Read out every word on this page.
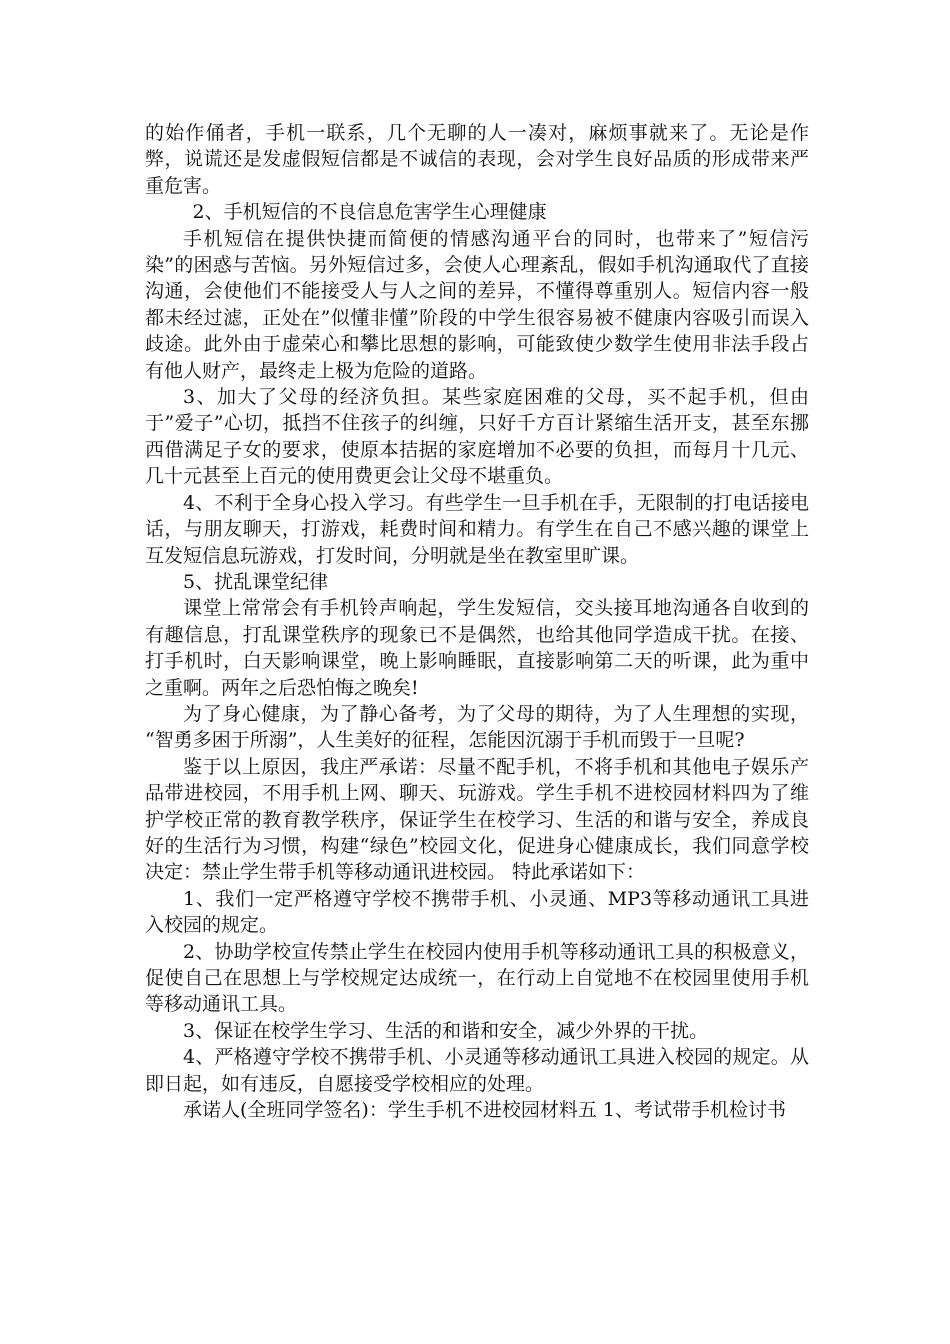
的始作俑者，手机一联系，几个无聊的人一凑对，麻烦事就来了。无论是作弊，说谎还是发虚假短信都是不诚信的表现，会对学生良好品质的形成带来严重危害。

2、手机短信的不良信息危害学生心理健康

手机短信在提供快捷而简便的情感沟通平台的同时，也带来了”短信污染”的困惑与苦恼。另外短信过多，会使人心理紊乱，假如手机沟通取代了直接沟通，会使他们不能接受人与人之间的差异，不懂得尊重别人。短信内容一般都未经过滤，正处在”似懂非懂”阶段的中学生很容易被不健康内容吸引而误入歧途。此外由于虚荣心和攀比思想的影响，可能致使少数学生使用非法手段占有他人财产，最终走上极为危险的道路。

3、加大了父母的经济负担。某些家庭困难的父母，买不起手机，但由于”爱子”心切，抵挡不住孩子的纠缠，只好千方百计紧缩生活开支，甚至东挪西借满足子女的要求，使原本拮据的家庭增加不必要的负担，而每月十几元、几十元甚至上百元的使用费更会让父母不堪重负。

4、不利于全身心投入学习。有些学生一旦手机在手，无限制的打电话接电话，与朋友聊天，打游戏，耗费时间和精力。有学生在自己不感兴趣的课堂上互发短信息玩游戏，打发时间，分明就是坐在教室里旷课。

5、扰乱课堂纪律

课堂上常常会有手机铃声响起，学生发短信，交头接耳地沟通各自收到的有趣信息，打乱课堂秩序的现象已不是偶然，也给其他同学造成干扰。在接、打手机时，白天影响课堂，晚上影响睡眠，直接影响第二天的听课，此为重中之重啊。两年之后恐怕悔之晚矣!

为了身心健康，为了静心备考，为了父母的期待，为了人生理想的实现， “智勇多困于所溺”，人生美好的征程，怎能因沉溺于手机而毁于一旦呢?

鉴于以上原因，我庄严承诺：尽量不配手机，不将手机和其他电子娱乐产品带进校园，不用手机上网、聊天、玩游戏。学生手机不进校园材料四为了维护学校正常的教育教学秩序，保证学生在校学习、生活的和谐与安全，养成良好的生活行为习惯，构建“绿色”校园文化，促进身心健康成长，我们同意学校决定：禁止学生带手机等移动通讯进校园。 特此承诺如下：

1、我们一定严格遵守学校不携带手机、小灵通、MP3等移动通讯工具进入校园的规定。

2、协助学校宣传禁止学生在校园内使用手机等移动通讯工具的积极意义，促使自己在思想上与学校规定达成统一，在行动上自觉地不在校园里使用手机等移动通讯工具。

3、保证在校学生学习、生活的和谐和安全，减少外界的干扰。

4、严格遵守学校不携带手机、小灵通等移动通讯工具进入校园的规定。从即日起，如有违反，自愿接受学校相应的处理。

承诺人(全班同学签名)：学生手机不进校园材料五 1、考试带手机检讨书
